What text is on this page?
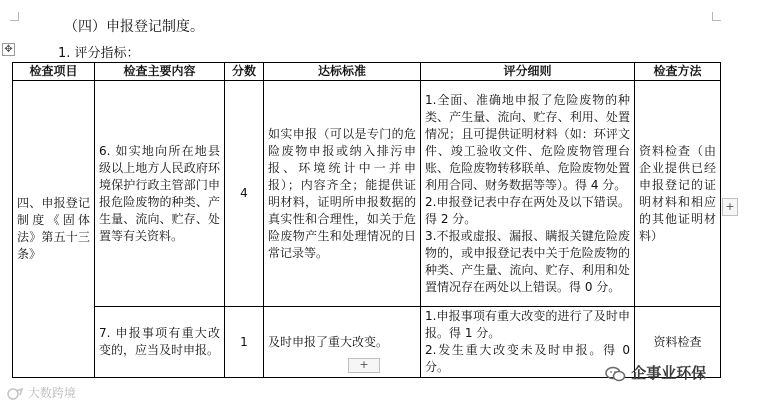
（四）申报登记制度。
1. 评分指标：
✥
检查项目	检查主要内容	分数	达标标准	评分细则	检查方法
四、申报登记制度《固体法》第五十三条》	6. 如实地向所在地县级以上地方人民政府环境保护行政主管部门申报危险废物的种类、产生量、流向、贮存、处置等有关资料。	4	如实申报（可以是专门的危险废物申报或纳入排污申报、环境统计中一并申报）；内容齐全；能提供证明材料，证明所申报数据的真实性和合理性，如关于危险废物产生和处理情况的日常记录等。	1.全面、准确地申报了危险废物的种类、产生量、流向、贮存、利用、处置情况；且可提供证明材料（如：环评文件、竣工验收文件、危险废物管理台账、危险废物转移联单、危险废物处置利用合同、财务数据等等）。得 4 分。

2.申报登记表中存在两处及以下错误。得 2 分。

3.不报或虚报、漏报、瞒报关键危险废物的，或申报登记表中关于危险废物的种类、产生量、流向、贮存、利用和处置情况存在两处以上错误。得 0 分。	资料检查（由企业提供已经申报登记的证明材料和相应的其他证明材料）
	7. 申报事项有重大改变的，应当及时申报。	1	及时申报了重大改变。	1.申报事项有重大改变的进行了及时申报。得 1 分。

2.发生重大改变未及时申报。得 0 分。	资料检查
+
+
大数跨境
企事业环保
